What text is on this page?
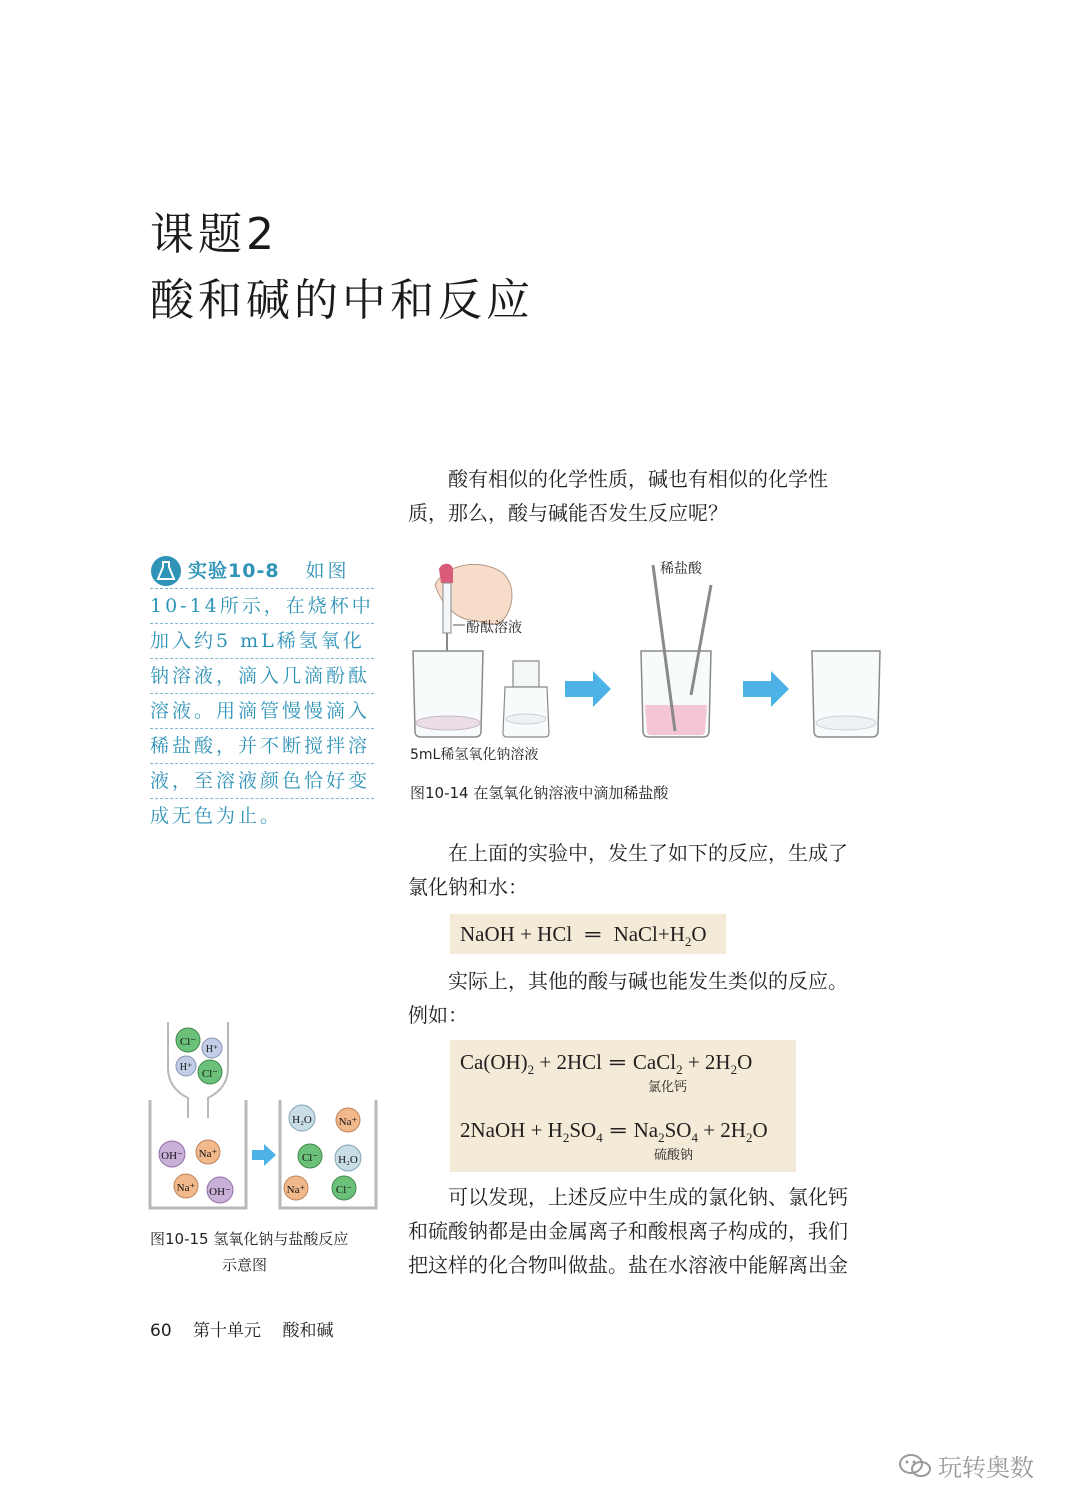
课题2
酸和碱的中和反应
酸有相似的化学性质，碱也有相似的化学性
质，那么，酸与碱能否发生反应呢？
实验10-8 如图
10-14所示，在烧杯中
加入约5 mL稀氢氧化
钠溶液，滴入几滴酚酞
溶液。用滴管慢慢滴入
稀盐酸，并不断搅拌溶
液，至溶液颜色恰好变
成无色为止。
稀盐酸
酚酞溶液
5mL稀氢氧化钠溶液
图10-14 在氢氧化钠溶液中滴加稀盐酸
在上面的实验中，发生了如下的反应，生成了
氯化钠和水：
NaOH + HCl ═ $NaCl+H_2O$
实际上，其他的酸与碱也能发生类似的反应。
例如：
$Ca(OH)_2 + 2HCl$ ═ CaCl$_2$ + $2H_2O$
氯化钙
2NaOH + $H_2SO_4$ ═ $Na_2SO_4 + 2H_2O$
硫酸钠
可以发现，上述反应中生成的氯化钠、氯化钙
和硫酸钠都是由金属离子和酸根离子构成的，我们
把这样的化合物叫做盐。盐在水溶液中能解离出金
Cl⁻
H⁺
H⁺
Cl⁻
OH⁻ Na⁺
Na⁺ OH⁻
H₂O Na⁺
Cl⁻ H₂O
Na⁺	Cl⁻
图10-15 氢氧化钠与盐酸反应
示意图
60 第十单元 酸和碱
玩转奥数
